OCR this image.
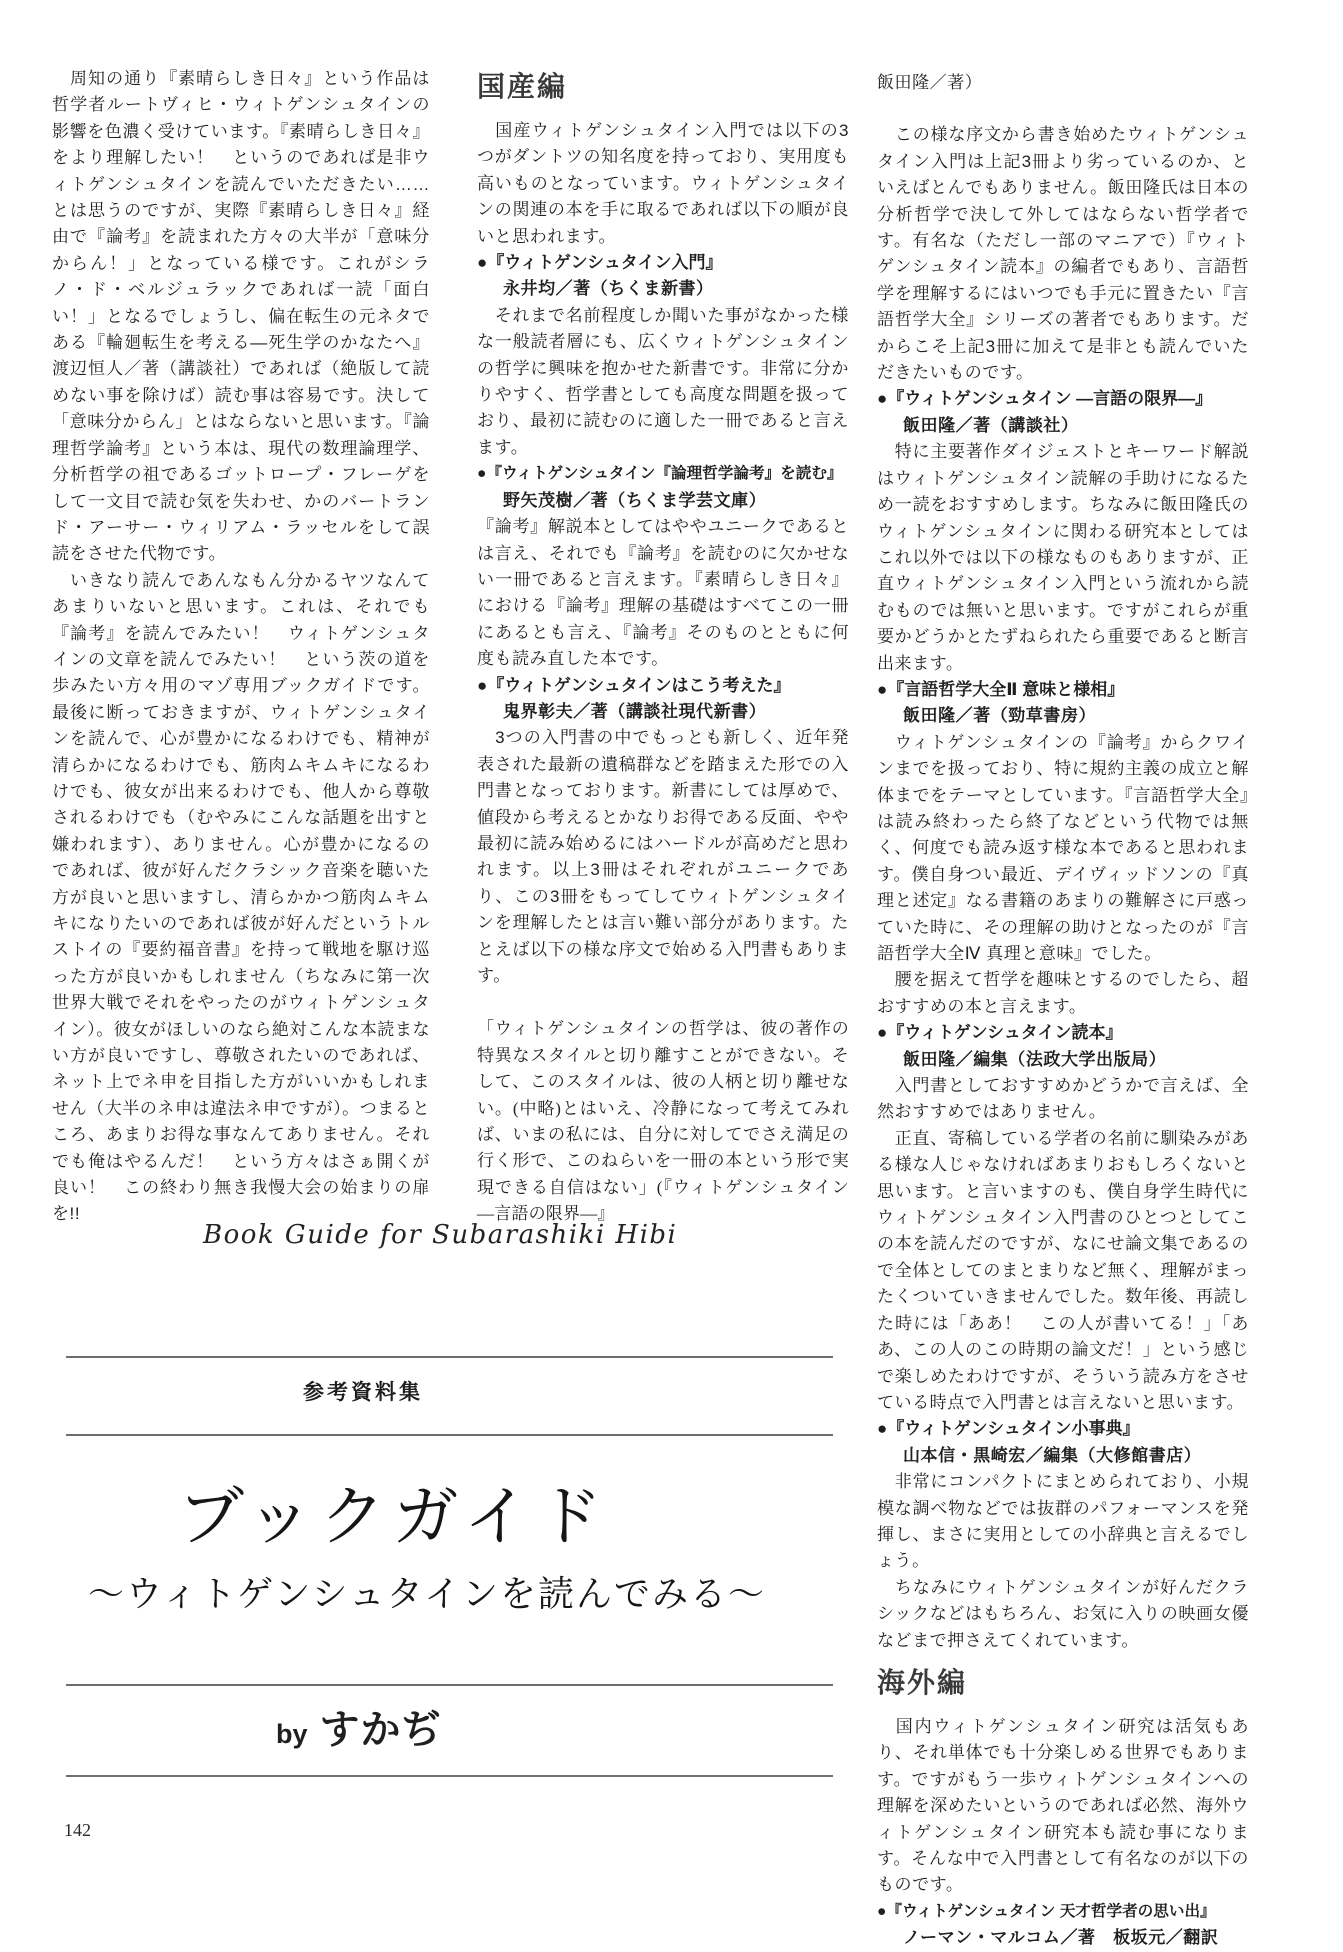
　周知の通り『素晴らしき日々』という作品は哲学者ルートヴィヒ・ウィトゲンシュタインの影響を色濃く受けています。『素晴らしき日々』をより理解したい！　というのであれば是非ウィトゲンシュタインを読んでいただきたい……とは思うのですが、実際『素晴らしき日々』経由で『論考』を読まれた方々の大半が「意味分からん！」となっている様です。これがシラノ・ド・ベルジュラックであれば一読「面白い！」となるでしょうし、偏在転生の元ネタである『輪廻転生を考える―死生学のかなたへ』渡辺恒人／著（講談社）であれば（絶版して読めない事を除けば）読む事は容易です。決して「意味分からん」とはならないと思います。『論理哲学論考』という本は、現代の数理論理学、分析哲学の祖であるゴットロープ・フレーゲをして一文目で読む気を失わせ、かのバートランド・アーサー・ウィリアム・ラッセルをして誤読をさせた代物です。
　いきなり読んであんなもん分かるヤツなんてあまりいないと思います。これは、それでも『論考』を読んでみたい！　ウィトゲンシュタインの文章を読んでみたい！　という茨の道を歩みたい方々用のマゾ専用ブックガイドです。最後に断っておきますが、ウィトゲンシュタインを読んで、心が豊かになるわけでも、精神が清らかになるわけでも、筋肉ムキムキになるわけでも、彼女が出来るわけでも、他人から尊敬されるわけでも（むやみにこんな話題を出すと嫌われます）、ありません。心が豊かになるのであれば、彼が好んだクラシック音楽を聴いた方が良いと思いますし、清らかかつ筋肉ムキムキになりたいのであれば彼が好んだというトルストイの『要約福音書』を持って戦地を駆け巡った方が良いかもしれません（ちなみに第一次世界大戦でそれをやったのがウィトゲンシュタイン）。彼女がほしいのなら絶対こんな本読まない方が良いですし、尊敬されたいのであれば、ネット上でネ申を目指した方がいいかもしれません（大半のネ申は違法ネ申ですが）。つまるところ、あまりお得な事なんてありません。それでも俺はやるんだ！　という方々はさぁ開くが良い！　この終わり無き我慢大会の始まりの扉を!!
国産編
　国産ウィトゲンシュタイン入門では以下の3つがダントツの知名度を持っており、実用度も高いものとなっています。ウィトゲンシュタインの関連の本を手に取るであれば以下の順が良いと思われます。
●『ウィトゲンシュタイン入門』
永井均／著（ちくま新書）
　それまで名前程度しか聞いた事がなかった様な一般読者層にも、広くウィトゲンシュタインの哲学に興味を抱かせた新書です。非常に分かりやすく、哲学書としても高度な問題を扱っており、最初に読むのに適した一冊であると言えます。
●『ウィトゲンシュタイン『論理哲学論考』を読む』
野矢茂樹／著（ちくま学芸文庫）
『論考』解説本としてはややユニークであるとは言え、それでも『論考』を読むのに欠かせない一冊であると言えます。『素晴らしき日々』における『論考』理解の基礎はすべてこの一冊にあるとも言え、『論考』そのものとともに何度も読み直した本です。
●『ウィトゲンシュタインはこう考えた』
鬼界彰夫／著（講談社現代新書）
　3つの入門書の中でもっとも新しく、近年発表された最新の遺稿群などを踏まえた形での入門書となっております。新書にしては厚めで、値段から考えるとかなりお得である反面、やや最初に読み始めるにはハードルが高めだと思われます。以上3冊はそれぞれがユニークであり、この3冊をもってしてウィトゲンシュタインを理解したとは言い難い部分があります。たとえば以下の様な序文で始める入門書もあります。
「ウィトゲンシュタインの哲学は、彼の著作の特異なスタイルと切り離すことができない。そして、このスタイルは、彼の人柄と切り離せない。(中略)とはいえ、冷静になって考えてみれば、いまの私には、自分に対してでさえ満足の行く形で、このねらいを一冊の本という形で実現できる自信はない」(『ウィトゲンシュタイン ―言語の限界―』
飯田隆／著）
　この様な序文から書き始めたウィトゲンシュタイン入門は上記3冊より劣っているのか、といえばとんでもありません。飯田隆氏は日本の分析哲学で決して外してはならない哲学者です。有名な（ただし一部のマニアで）『ウィトゲンシュタイン読本』の編者でもあり、言語哲学を理解するにはいつでも手元に置きたい『言語哲学大全』シリーズの著者でもあります。だからこそ上記3冊に加えて是非とも読んでいただきたいものです。
●『ウィトゲンシュタイン ―言語の限界―』
飯田隆／著（講談社）
　特に主要著作ダイジェストとキーワード解説はウィトゲンシュタイン読解の手助けになるため一読をおすすめします。ちなみに飯田隆氏のウィトゲンシュタインに関わる研究本としてはこれ以外では以下の様なものもありますが、正直ウィトゲンシュタイン入門という流れから読むものでは無いと思います。ですがこれらが重要かどうかとたずねられたら重要であると断言出来ます。
●『言語哲学大全Ⅱ 意味と様相』
飯田隆／著（勁草書房）
　ウィトゲンシュタインの『論考』からクワインまでを扱っており、特に規約主義の成立と解体までをテーマとしています。『言語哲学大全』は読み終わったら終了などという代物では無く、何度でも読み返す様な本であると思われます。僕自身つい最近、デイヴィッドソンの『真理と述定』なる書籍のあまりの難解さに戸惑っていた時に、その理解の助けとなったのが『言語哲学大全Ⅳ 真理と意味』でした。
　腰を据えて哲学を趣味とするのでしたら、超おすすめの本と言えます。
●『ウィトゲンシュタイン読本』
飯田隆／編集（法政大学出版局）
　入門書としておすすめかどうかで言えば、全然おすすめではありません。
　正直、寄稿している学者の名前に馴染みがある様な人じゃなければあまりおもしろくないと思います。と言いますのも、僕自身学生時代にウィトゲンシュタイン入門書のひとつとしてこの本を読んだのですが、なにせ論文集であるので全体としてのまとまりなど無く、理解がまったくついていきませんでした。数年後、再読した時には「ああ！　この人が書いてる！」「ああ、この人のこの時期の論文だ！」という感じで楽しめたわけですが、そういう読み方をさせている時点で入門書とは言えないと思います。
●『ウィトゲンシュタイン小事典』
山本信・黒崎宏／編集（大修館書店）
　非常にコンパクトにまとめられており、小規模な調べ物などでは抜群のパフォーマンスを発揮し、まさに実用としての小辞典と言えるでしょう。
　ちなみにウィトゲンシュタインが好んだクラシックなどはもちろん、お気に入りの映画女優などまで押さえてくれています。
海外編
　国内ウィトゲンシュタイン研究は活気もあり、それ単体でも十分楽しめる世界でもあります。ですがもう一歩ウィトゲンシュタインへの理解を深めたいというのであれば必然、海外ウィトゲンシュタイン研究本も読む事になります。そんな中で入門書として有名なのが以下のものです。
●『ウィトゲンシュタイン 天才哲学者の思い出』
ノーマン・マルコム／著　板坂元／翻訳
Book Guide for Subarashiki Hibi
参考資料集
ブックガイド
～ウィトゲンシュタインを読んでみる～
by すかぢ
142
